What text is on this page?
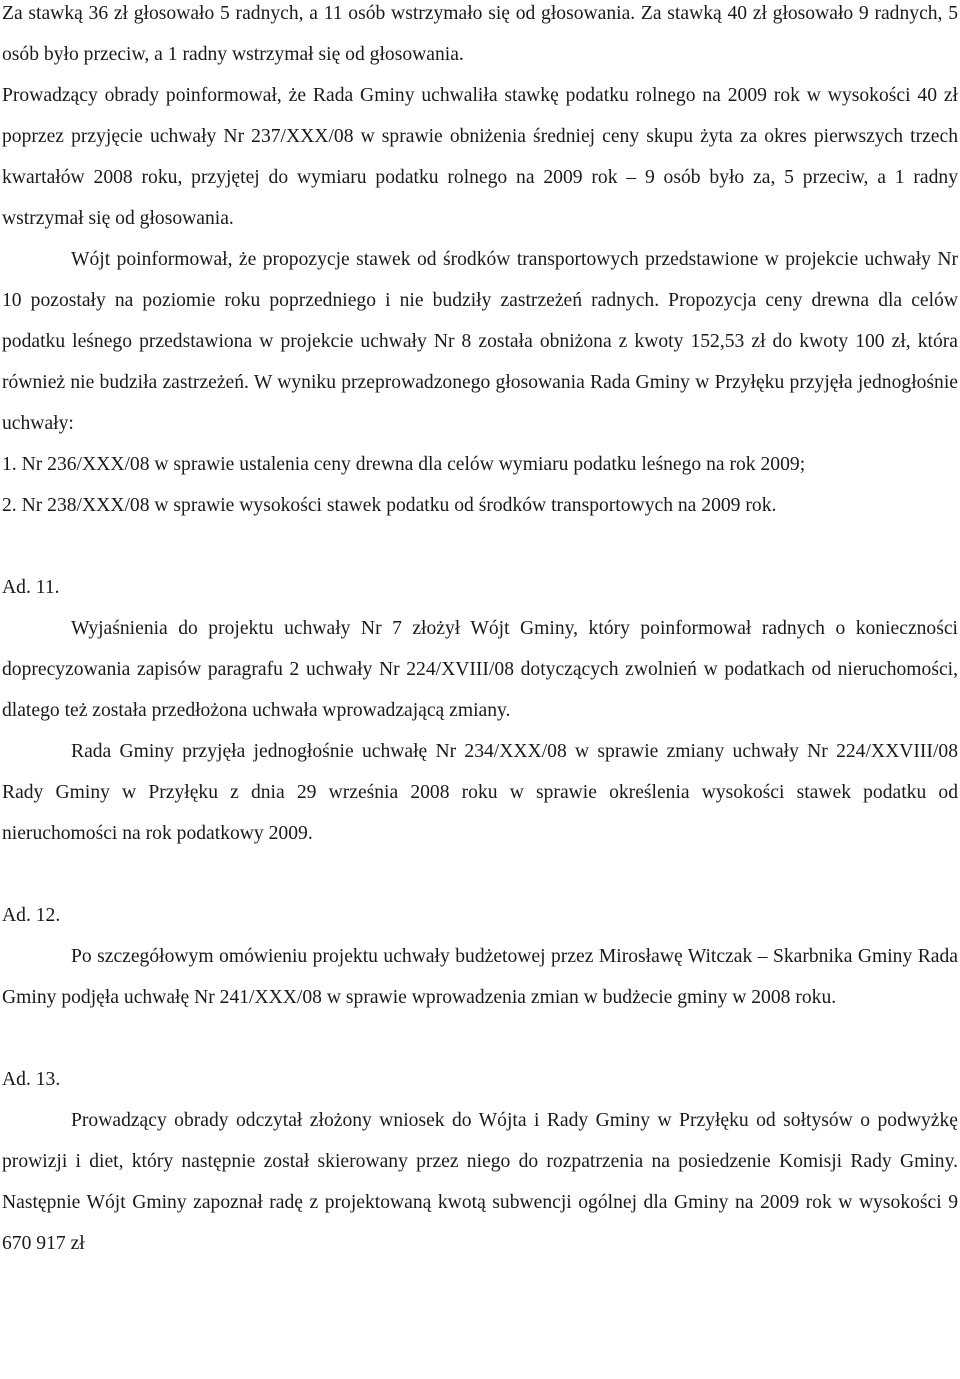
Za stawką 36 zł głosowało 5 radnych, a 11 osób wstrzymało się od głosowania. Za stawką 40 zł głosowało 9 radnych, 5 osób było przeciw, a 1 radny wstrzymał się od głosowania.

Prowadzący obrady poinformował, że Rada Gminy uchwaliła stawkę podatku rolnego na 2009 rok w wysokości 40 zł poprzez przyjęcie uchwały Nr 237/XXX/08 w sprawie obniżenia średniej ceny skupu żyta za okres pierwszych trzech kwartałów 2008 roku, przyjętej do wymiaru podatku rolnego na 2009 rok – 9 osób było za, 5 przeciw, a 1 radny wstrzymał się od głosowania.

Wójt poinformował, że propozycje stawek od środków transportowych przedstawione w projekcie uchwały Nr 10 pozostały na poziomie roku poprzedniego i nie budziły zastrzeżeń radnych. Propozycja ceny drewna dla celów podatku leśnego przedstawiona w projekcie uchwały Nr 8 została obniżona z kwoty 152,53 zł do kwoty 100 zł, która również nie budziła zastrzeżeń. W wyniku przeprowadzonego głosowania Rada Gminy w Przyłęku przyjęła jednogłośnie uchwały:

1. Nr 236/XXX/08 w sprawie ustalenia ceny drewna dla celów wymiaru podatku leśnego na rok 2009;

2. Nr 238/XXX/08 w sprawie wysokości stawek podatku od środków transportowych na 2009 rok.

Ad. 11.

Wyjaśnienia do projektu uchwały Nr 7 złożył Wójt Gminy, który poinformował radnych o konieczności doprecyzowania zapisów paragrafu 2 uchwały Nr 224/XVIII/08 dotyczących zwolnień w podatkach od nieruchomości, dlatego też została przedłożona uchwała wprowadzającą zmiany.

Rada Gminy przyjęła jednogłośnie uchwałę Nr 234/XXX/08 w sprawie zmiany uchwały Nr 224/XXVIII/08 Rady Gminy w Przyłęku z dnia 29 września 2008 roku w sprawie określenia wysokości stawek podatku od nieruchomości na rok podatkowy 2009.

Ad. 12.

Po szczegółowym omówieniu projektu uchwały budżetowej przez Mirosławę Witczak – Skarbnika Gminy Rada Gminy podjęła uchwałę Nr 241/XXX/08 w sprawie wprowadzenia zmian w budżecie gminy w 2008 roku.

Ad. 13.

Prowadzący obrady odczytał złożony wniosek do Wójta i Rady Gminy w Przyłęku od sołtysów o podwyżkę prowizji i diet, który następnie został skierowany przez niego do rozpatrzenia na posiedzenie Komisji Rady Gminy. Następnie Wójt Gminy zapoznał radę z projektowaną kwotą subwencji ogólnej dla Gminy na 2009 rok w wysokości 9 670 917 zł
